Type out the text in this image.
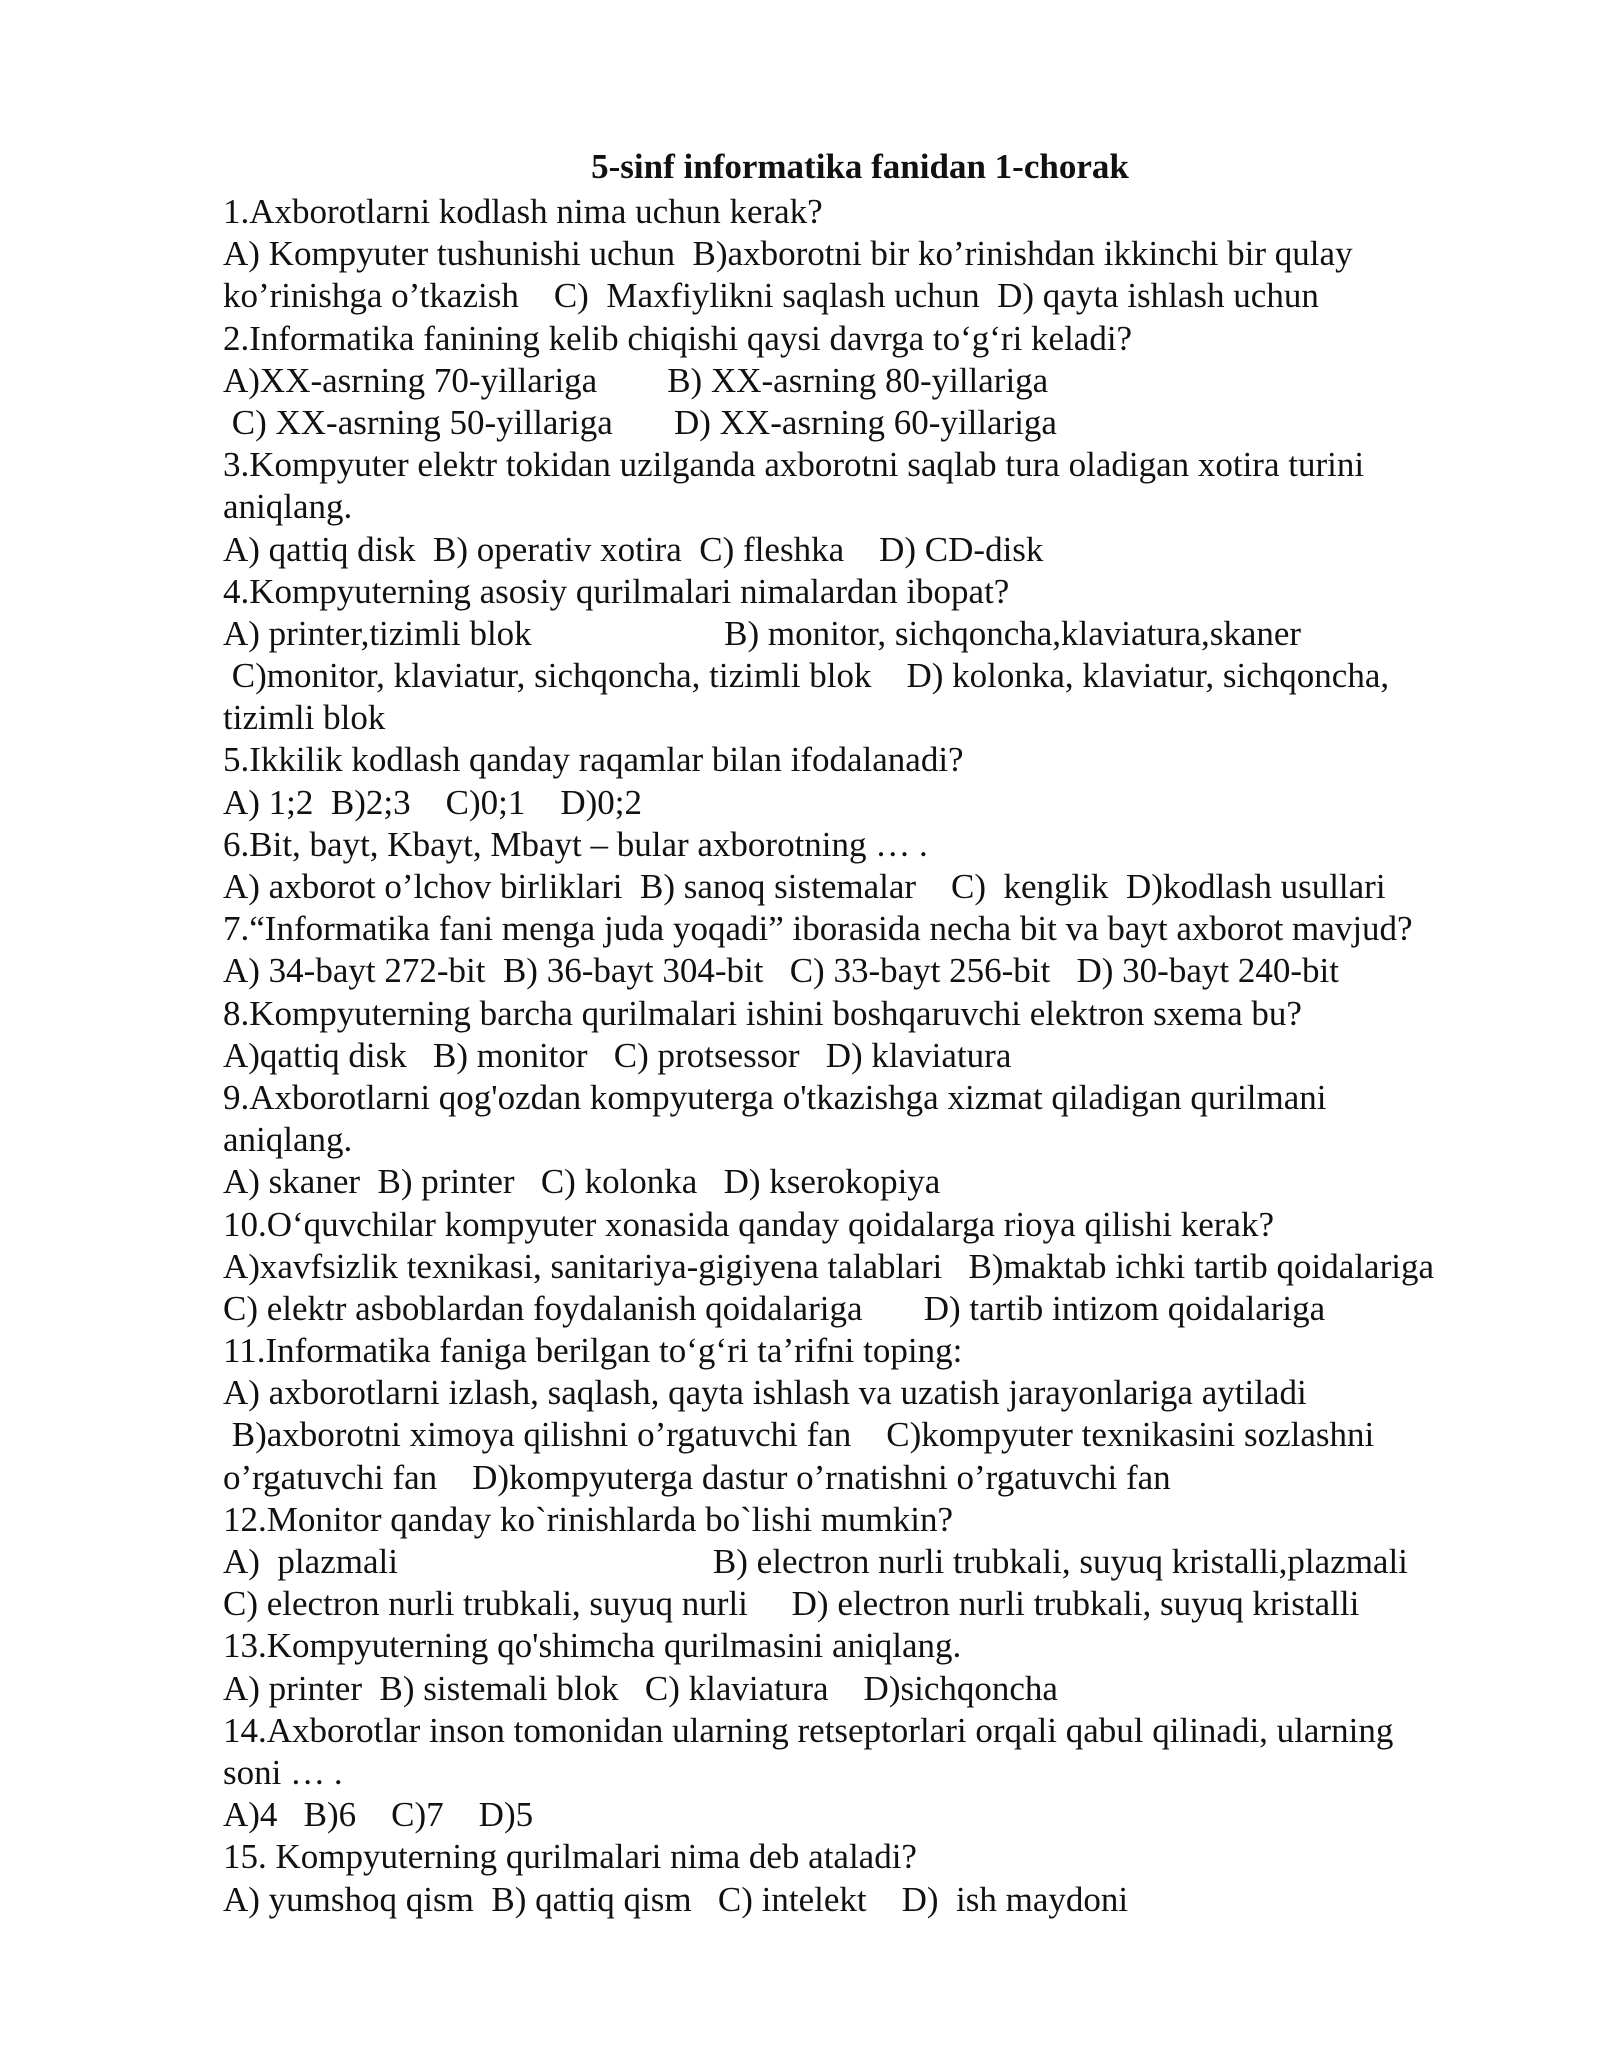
5-sinf informatika fanidan 1-chorak
1.Axborotlarni kodlash nima uchun kerak?
A) Kompyuter tushunishi uchun  B)axborotni bir ko’rinishdan ikkinchi bir qulay
ko’rinishga o’tkazish    C)  Maxfiylikni saqlash uchun  D) qayta ishlash uchun
2.Informatika fanining kelib chiqishi qaysi davrga to‘g‘ri keladi?
A)XX-asrning 70-yillariga        B) XX-asrning 80-yillariga
C) XX-asrning 50-yillariga       D) XX-asrning 60-yillariga
3.Kompyuter elektr tokidan uzilganda axborotni saqlab tura oladigan xotira turini
aniqlang.
A) qattiq disk  B) operativ xotira  C) fleshka    D) CD-disk
4.Kompyuterning asosiy qurilmalari nimalardan ibopat?
A) printer,tizimli blok                      B) monitor, sichqoncha,klaviatura,skaner
C)monitor, klaviatur, sichqoncha, tizimli blok    D) kolonka, klaviatur, sichqoncha,
tizimli blok
5.Ikkilik kodlash qanday raqamlar bilan ifodalanadi?
A) 1;2  B)2;3    C)0;1    D)0;2
6.Bit, bayt, Kbayt, Mbayt – bular axborotning … .
A) axborot o’lchov birliklari  B) sanoq sistemalar    C)  kenglik  D)kodlash usullari
7.“Informatika fani menga juda yoqadi” iborasida necha bit va bayt axborot mavjud?
A) 34-bayt 272-bit  B) 36-bayt 304-bit   C) 33-bayt 256-bit   D) 30-bayt 240-bit
8.Kompyuterning barcha qurilmalari ishini boshqaruvchi elektron sxema bu?
A)qattiq disk   B) monitor   C) protsessor   D) klaviatura
9.Axborotlarni qog'ozdan kompyuterga o'tkazishga xizmat qiladigan qurilmani
aniqlang.
A) skaner  B) printer   C) kolonka   D) kserokopiya
10.O‘quvchilar kompyuter xonasida qanday qoidalarga rioya qilishi kerak?
A)xavfsizlik texnikasi, sanitariya-gigiyena talablari   B)maktab ichki tartib qoidalariga
C) elektr asboblardan foydalanish qoidalariga       D) tartib intizom qoidalariga
11.Informatika faniga berilgan to‘g‘ri ta’rifni toping:
A) axborotlarni izlash, saqlash, qayta ishlash va uzatish jarayonlariga aytiladi
B)axborotni ximoya qilishni o’rgatuvchi fan    C)kompyuter texnikasini sozlashni
o’rgatuvchi fan    D)kompyuterga dastur o’rnatishni o’rgatuvchi fan
12.Monitor qanday ko`rinishlarda bo`lishi mumkin?
A)  plazmali                                    B) electron nurli trubkali, suyuq kristalli,plazmali
C) electron nurli trubkali, suyuq nurli     D) electron nurli trubkali, suyuq kristalli
13.Kompyuterning qo'shimcha qurilmasini aniqlang.
A) printer  B) sistemali blok   C) klaviatura    D)sichqoncha
14.Axborotlar inson tomonidan ularning retseptorlari orqali qabul qilinadi, ularning
soni … .
A)4   B)6    C)7    D)5
15. Kompyuterning qurilmalari nima deb ataladi?
A) yumshoq qism  B) qattiq qism   C) intelekt    D)  ish maydoni
